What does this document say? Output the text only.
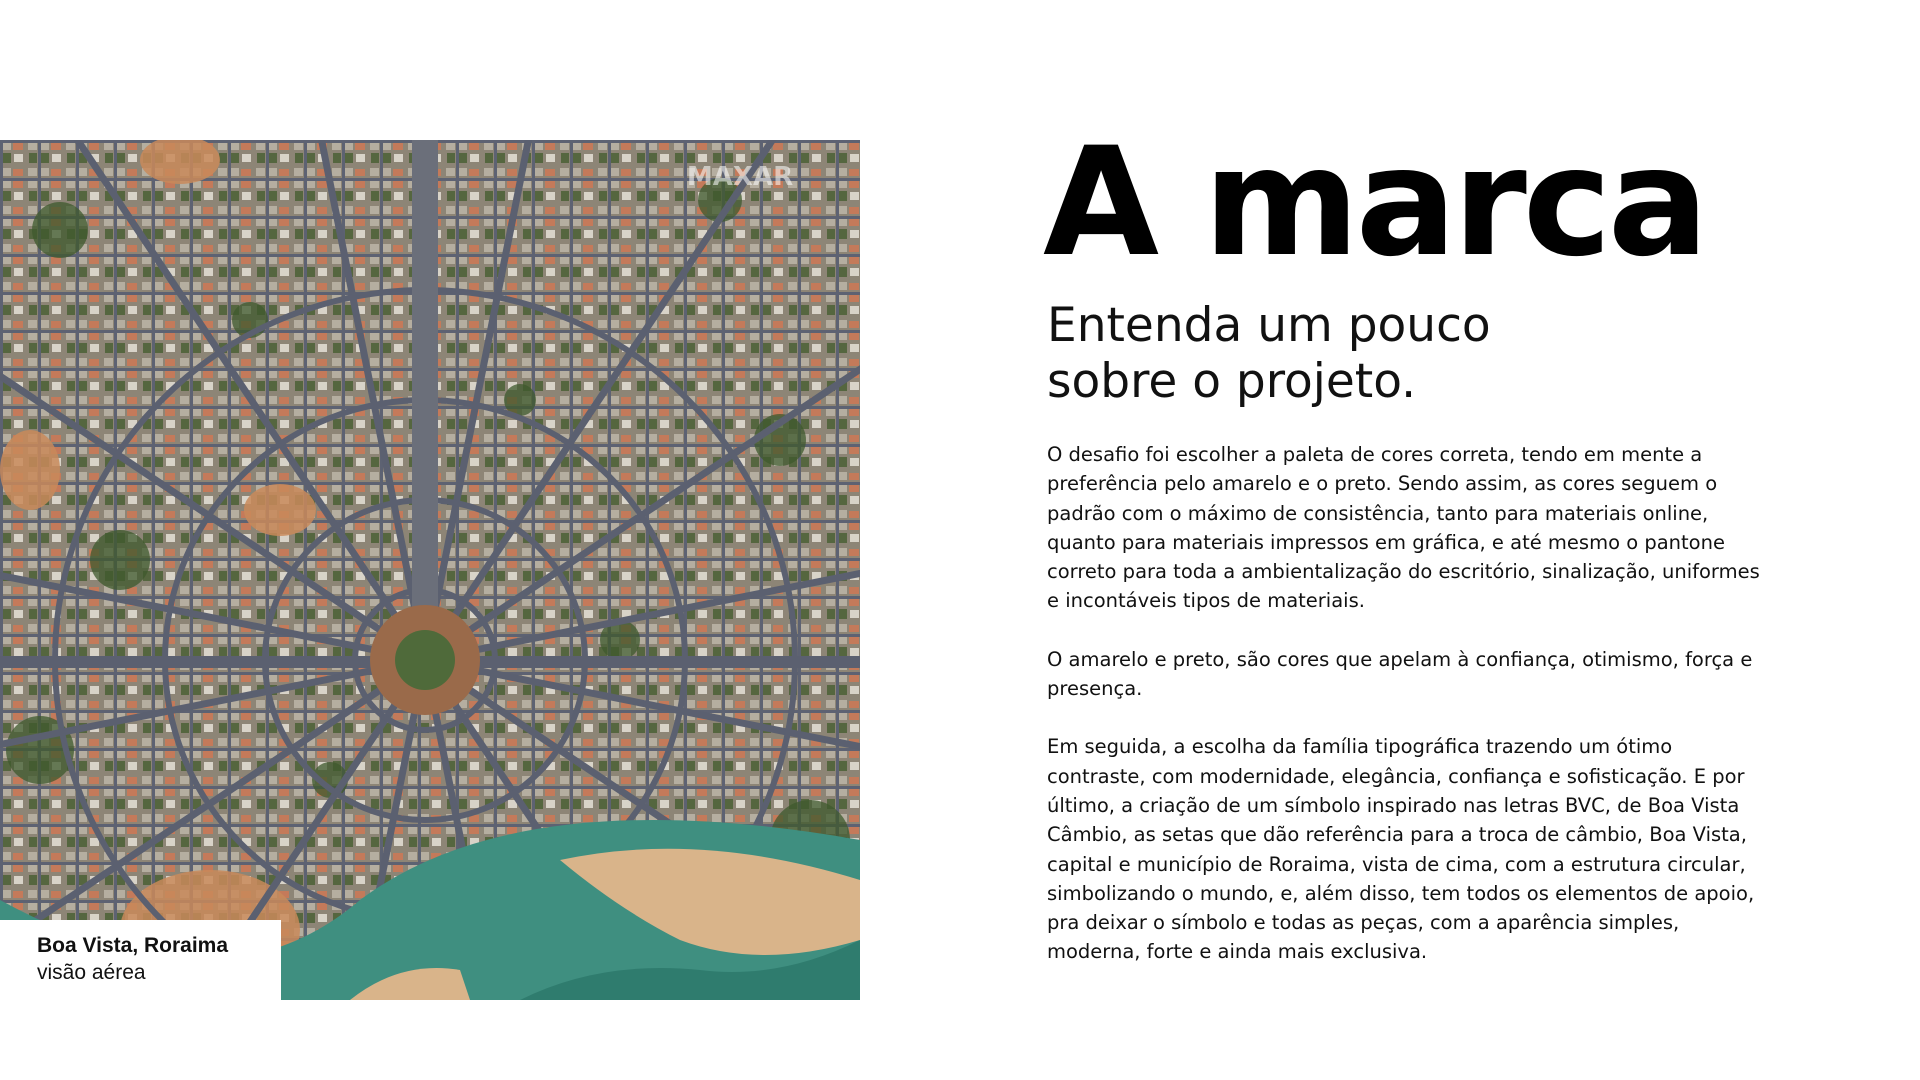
MAXAR
Boa Vista, Roraima
visão aérea
A marca
Entenda um pouco
sobre o projeto.

O desafio foi escolher a paleta de cores correta, tendo em mente a preferência pelo amarelo e o preto. Sendo assim, as cores seguem o padrão com o máximo de consistência, tanto para materiais online, quanto para materiais impressos em gráfica, e até mesmo o pantone correto para toda a ambientalização do escritório, sinalização, uniformes e incontáveis tipos de materiais.

O amarelo e preto, são cores que apelam à confiança, otimismo, força e presença.

Em seguida, a escolha da família tipográfica trazendo um ótimo contraste, com modernidade, elegância, confiança e sofisticação. E por último, a criação de um símbolo inspirado nas letras BVC, de Boa Vista Câmbio, as setas que dão referência para a troca de câmbio, Boa Vista, capital e município de Roraima, vista de cima, com a estrutura circular, simbolizando o mundo, e, além disso, tem todos os elementos de apoio, pra deixar o símbolo e todas as peças, com a aparência simples, moderna, forte e ainda mais exclusiva.
